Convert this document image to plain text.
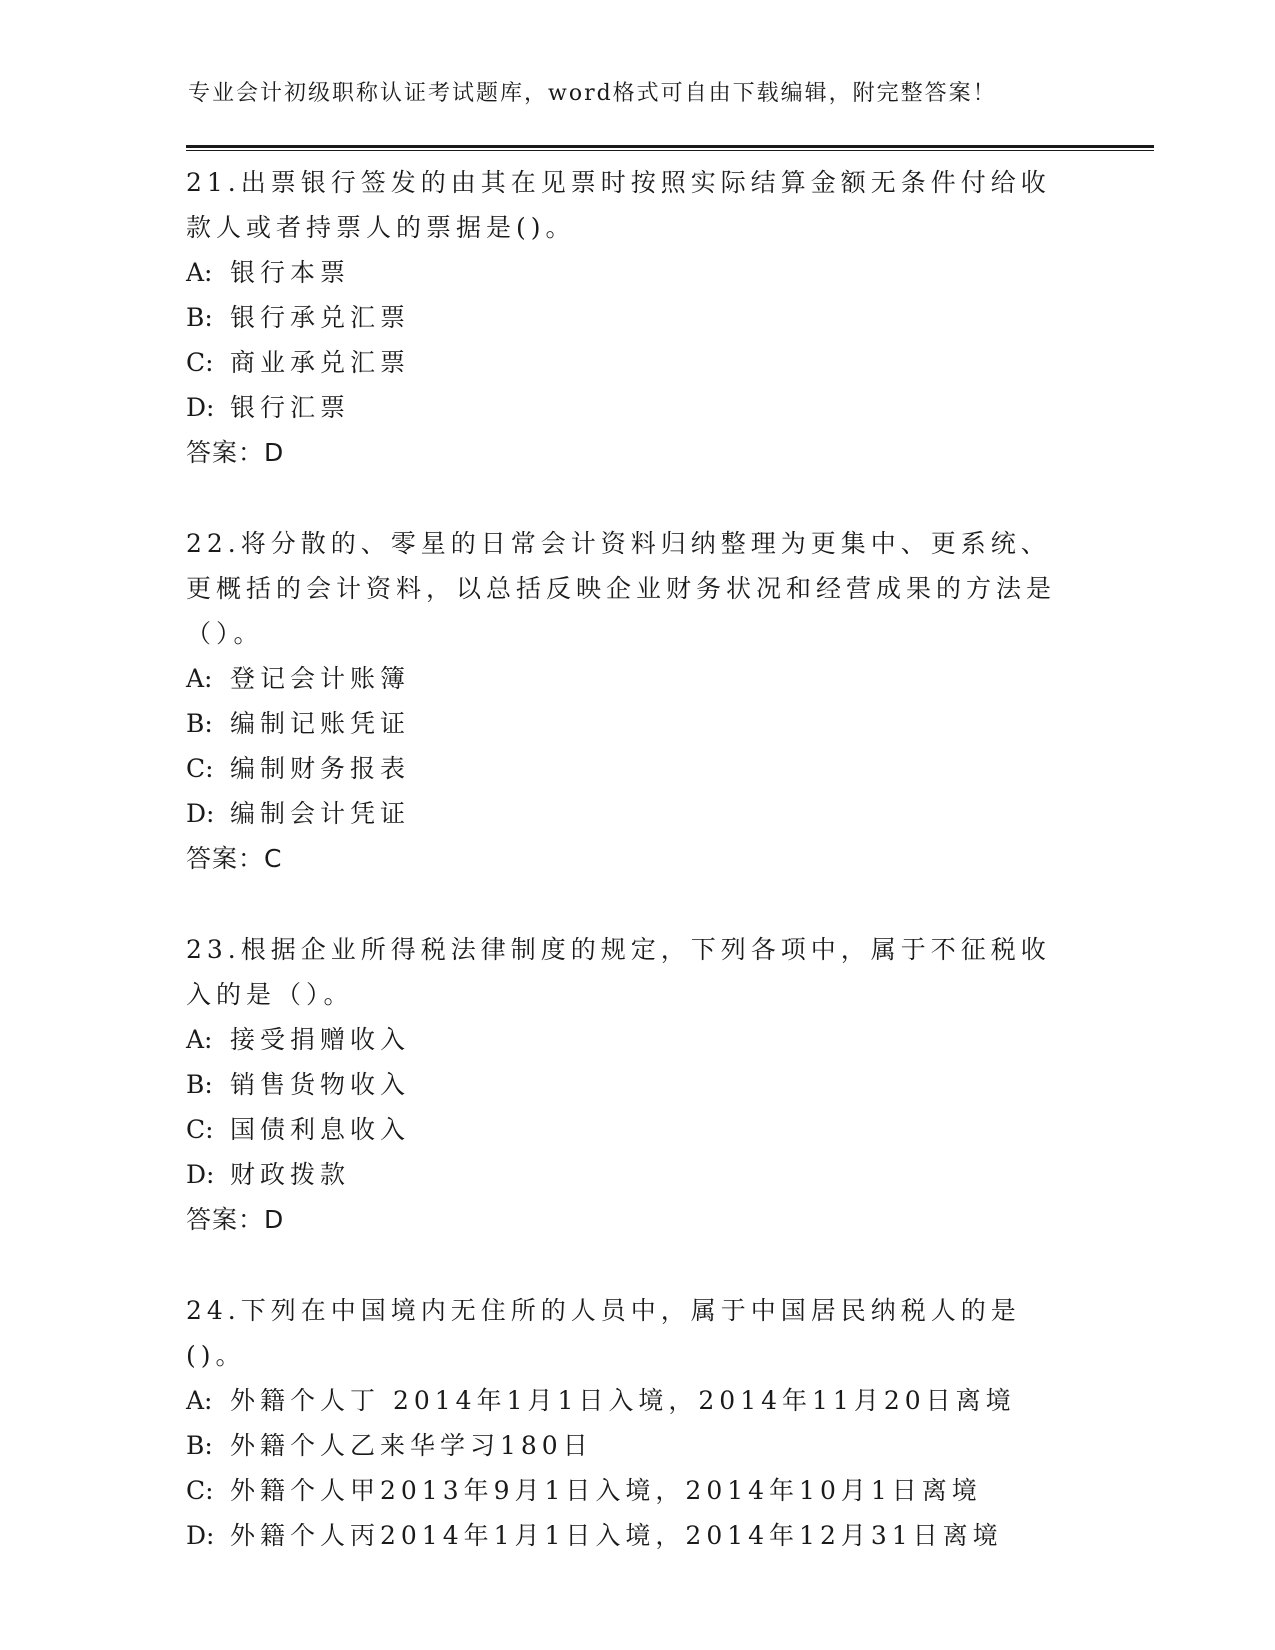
专业会计初级职称认证考试题库，word格式可自由下载编辑，附完整答案！
21.出票银行签发的由其在见票时按照实际结算金额无条件付给收款人或者持票人的票据是()。
A: 银行本票
B: 银行承兑汇票
C: 商业承兑汇票
D: 银行汇票
答案：D
22.将分散的、零星的日常会计资料归纳整理为更集中、更系统、更概括的会计资料，以总括反映企业财务状况和经营成果的方法是（）。
A: 登记会计账簿
B: 编制记账凭证
C: 编制财务报表
D: 编制会计凭证
答案：C
23.根据企业所得税法律制度的规定，下列各项中，属于不征税收入的是（）。
A: 接受捐赠收入
B: 销售货物收入
C: 国债利息收入
D: 财政拨款
答案：D
24.下列在中国境内无住所的人员中，属于中国居民纳税人的是()。
A: 外籍个人丁 2014年1月1日入境，2014年11月20日离境
B: 外籍个人乙来华学习180日
C: 外籍个人甲2013年9月1日入境，2014年10月1日离境
D: 外籍个人丙2014年1月1日入境，2014年12月31日离境
